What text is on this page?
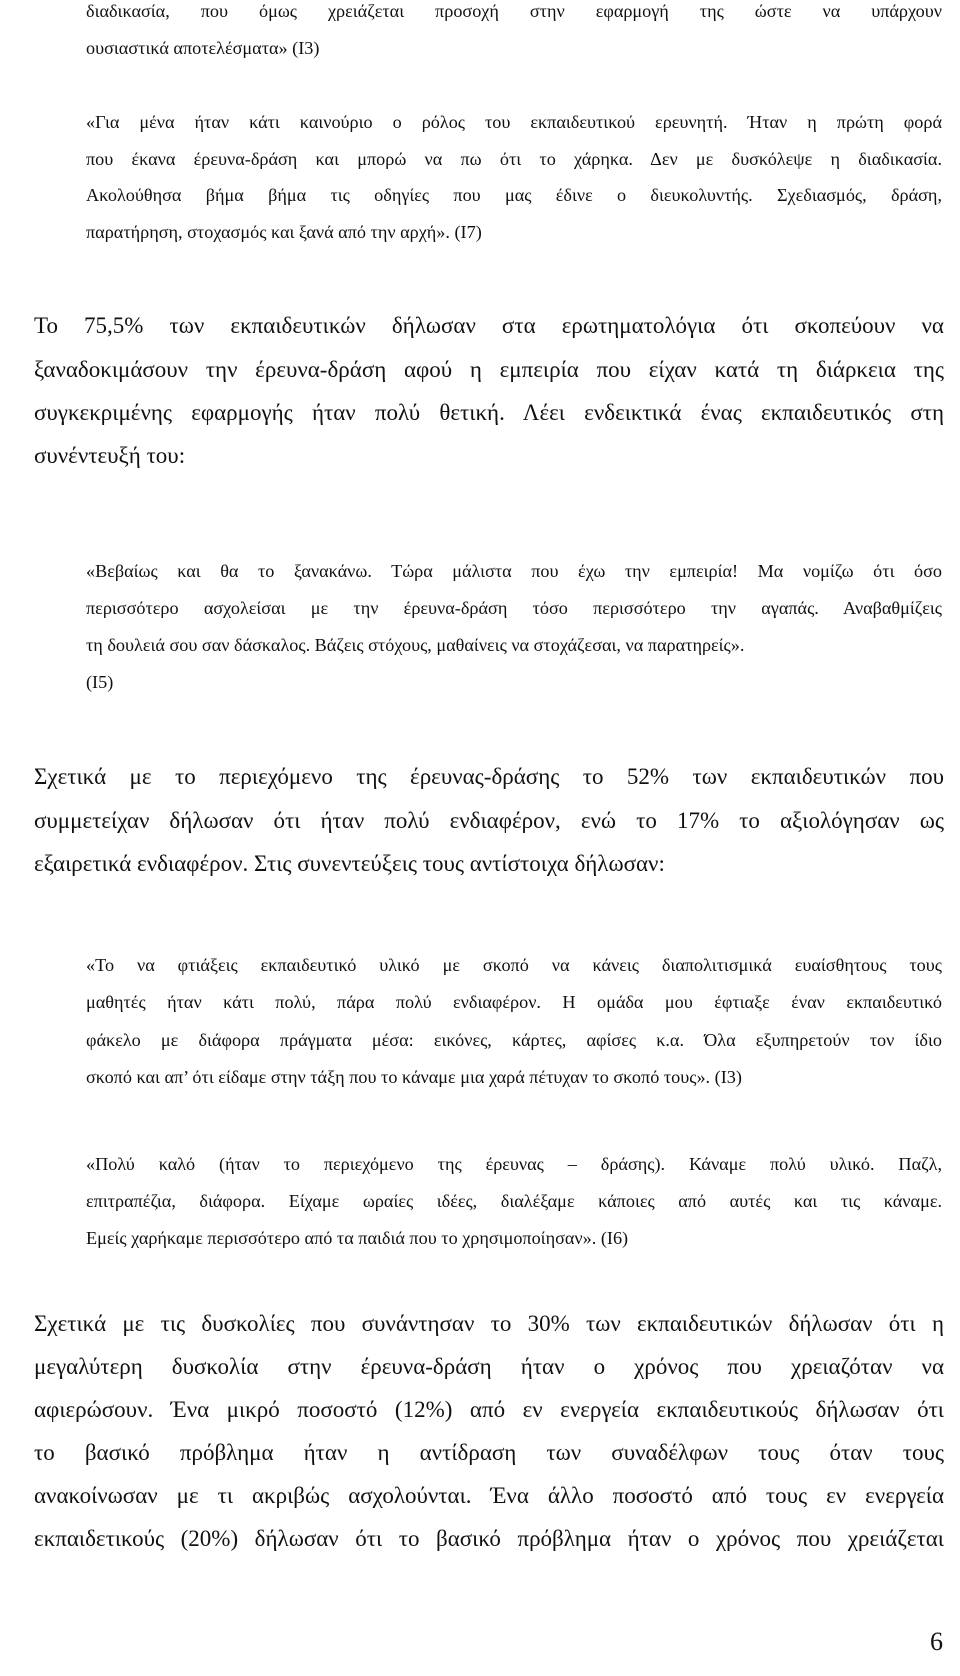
διαδικασία, που όμως χρειάζεται προσοχή στην εφαρμογή της ώστε να υπάρχουν
ουσιαστικά αποτελέσματα» (Ι3)
«Για μένα ήταν κάτι καινούριο ο ρόλος του εκπαιδευτικού ερευνητή. Ήταν η πρώτη φορά
που έκανα έρευνα-δράση και μπορώ να πω ότι το χάρηκα. Δεν με δυσκόλεψε η διαδικασία.
Ακολούθησα βήμα βήμα τις οδηγίες που μας έδινε ο διευκολυντής. Σχεδιασμός, δράση,
παρατήρηση, στοχασμός και ξανά από την αρχή». (Ι7)
Το 75,5% των εκπαιδευτικών δήλωσαν στα ερωτηματολόγια ότι σκοπεύουν να
ξαναδοκιμάσουν την έρευνα-δράση αφού η εμπειρία που είχαν κατά τη διάρκεια της
συγκεκριμένης εφαρμογής ήταν πολύ θετική. Λέει ενδεικτικά ένας εκπαιδευτικός στη
συνέντευξή του:
«Βεβαίως και θα το ξανακάνω. Τώρα μάλιστα που έχω την εμπειρία! Μα νομίζω ότι όσο
περισσότερο ασχολείσαι με την έρευνα-δράση τόσο περισσότερο την αγαπάς. Αναβαθμίζεις
τη δουλειά σου σαν δάσκαλος. Βάζεις στόχους, μαθαίνεις να στοχάζεσαι, να παρατηρείς».
(Ι5)
Σχετικά με το περιεχόμενο της έρευνας-δράσης το 52% των εκπαιδευτικών που
συμμετείχαν δήλωσαν ότι ήταν πολύ ενδιαφέρον, ενώ το 17% το αξιολόγησαν ως
εξαιρετικά ενδιαφέρον. Στις συνεντεύξεις τους αντίστοιχα δήλωσαν:
«Το να φτιάξεις εκπαιδευτικό υλικό με σκοπό να κάνεις διαπολιτισμικά ευαίσθητους τους
μαθητές ήταν κάτι πολύ, πάρα πολύ ενδιαφέρον. Η ομάδα μου έφτιαξε έναν εκπαιδευτικό
φάκελο με διάφορα πράγματα μέσα: εικόνες, κάρτες, αφίσες κ.α. Όλα εξυπηρετούν τον ίδιο
σκοπό και απ’ ότι είδαμε στην τάξη που το κάναμε μια χαρά πέτυχαν το σκοπό τους». (Ι3)
«Πολύ καλό (ήταν το περιεχόμενο της έρευνας – δράσης). Κάναμε πολύ υλικό. Παζλ,
επιτραπέζια, διάφορα. Είχαμε ωραίες ιδέες, διαλέξαμε κάποιες από αυτές και τις κάναμε.
Εμείς χαρήκαμε περισσότερο από τα παιδιά που το χρησιμοποίησαν». (Ι6)
Σχετικά με τις δυσκολίες που συνάντησαν το 30% των εκπαιδευτικών δήλωσαν ότι η
μεγαλύτερη δυσκολία στην έρευνα-δράση ήταν ο χρόνος που χρειαζόταν να
αφιερώσουν. Ένα μικρό ποσοστό (12%) από εν ενεργεία εκπαιδευτικούς δήλωσαν ότι
το βασικό πρόβλημα ήταν η αντίδραση των συναδέλφων τους όταν τους
ανακοίνωσαν με τι ακριβώς ασχολούνται. Ένα άλλο ποσοστό από τους εν ενεργεία
εκπαιδετικούς (20%) δήλωσαν ότι το βασικό πρόβλημα ήταν ο χρόνος που χρειάζεται
6
